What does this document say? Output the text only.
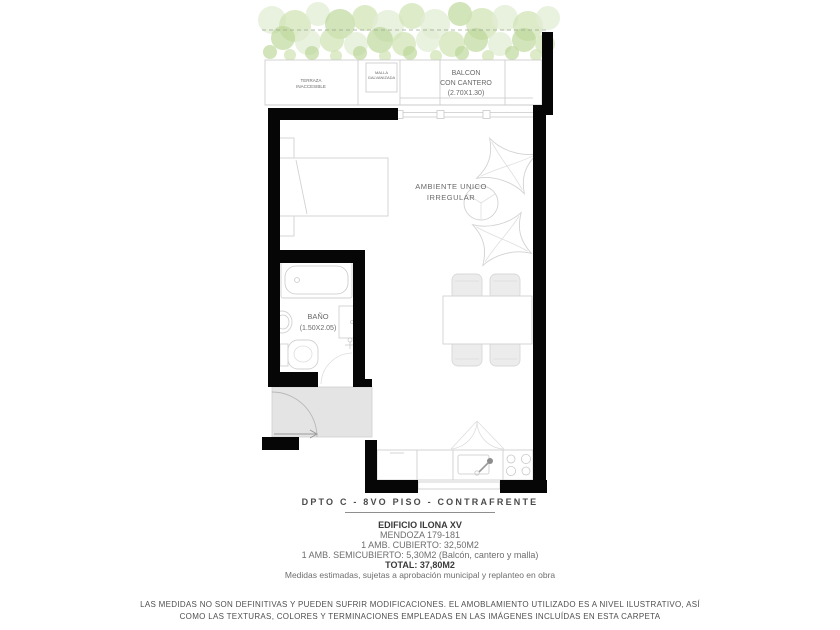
TERRAZA
INACCESIBLE
MALLA
GALVANIZADA
BALCON
CON CANTERO
(2.70X1.30)
AMBIENTE UNICO
IRREGULAR
BAÑO
(1.50X2.05)
DPTO C - 8VO PISO - CONTRAFRENTE
EDIFICIO ILONA XV
MENDOZA 179-181
1 AMB. CUBIERTO: 32,50M2
1 AMB. SEMICUBIERTO: 5,30M2 (Balcón, cantero y malla)
TOTAL: 37,80M2
Medidas estimadas, sujetas a aprobación municipal y replanteo en obra
LAS MEDIDAS NO SON DEFINITIVAS Y PUEDEN SUFRIR MODIFICACIONES. EL AMOBLAMIENTO UTILIZADO ES A NIVEL ILUSTRATIVO, ASÍ
COMO LAS TEXTURAS, COLORES Y TERMINACIONES EMPLEADAS EN LAS IMÁGENES INCLUÍDAS EN ESTA CARPETA
